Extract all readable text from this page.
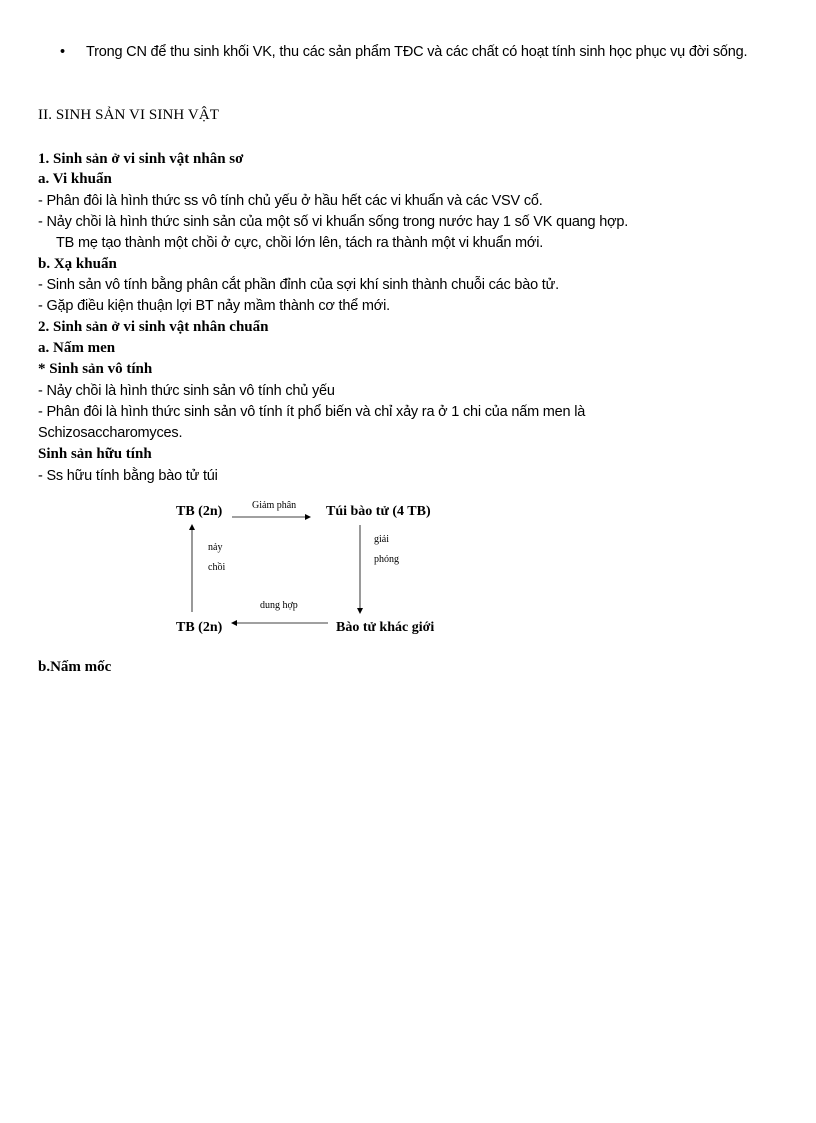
• Trong CN để thu sinh khối VK, thu các sản phẩm TĐC và các chất có hoạt tính sinh học phục vụ đời sống.
II. SINH SẢN VI SINH VẬT
1. Sinh sản ở vi sinh vật nhân sơ
a. Vi khuẩn
- Phân đôi là hình thức ss vô tính chủ yếu ở hầu hết các vi khuẩn và các VSV cổ.
- Nảy chồi là hình thức sinh sản của một số vi khuẩn sống trong nước hay 1 số VK quang hợp.
TB mẹ tạo thành một chồi ở cực, chồi lớn lên, tách ra thành một vi khuẩn mới.
b. Xạ khuẩn
- Sinh sản vô tính bằng phân cắt phần đỉnh của sợi khí sinh thành chuỗi các bào tử.
- Gặp điều kiện thuận lợi BT nảy mầm thành cơ thể mới.
2. Sinh sản ở vi sinh vật nhân chuẩn
a. Nấm men
* Sinh sản vô tính
- Nảy chồi là hình thức sinh sản vô tính chủ yếu
- Phân đôi là hình thức sinh sản vô tính ít phổ biến và chỉ xảy ra ở 1 chi của nấm men là
Schizosaccharomyces.
Sinh sản hữu tính
- Ss hữu tính bằng bào tử túi
TB (2n)	Túi bào tử (4 TB)
TB (2n)	Bào tử khác giới
Giảm phân
giải
phóng
nảy
chồi
dung hợp
b.Nấm mốc
